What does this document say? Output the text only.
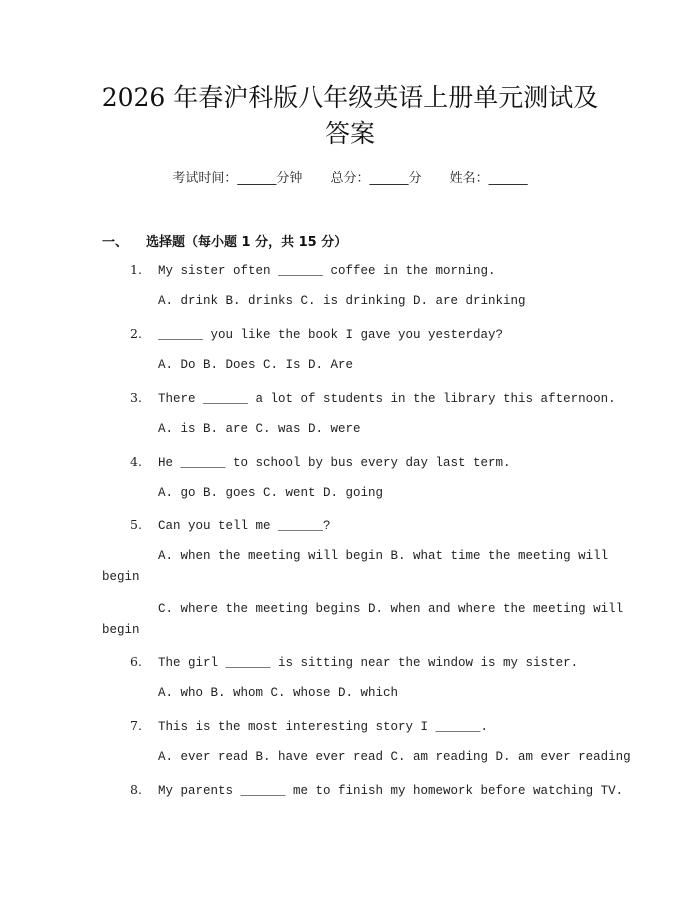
2026 年春沪科版八年级英语上册单元测试及
答案
考试时间：______分钟 总分：______分 姓名：______
一、 选择题（每小题 1 分，共 15 分）
1. My sister often ______ coffee in the morning.
A. drink B. drinks C. is drinking D. are drinking
2. ______ you like the book I gave you yesterday?
A. Do B. Does C. Is D. Are
3. There ______ a lot of students in the library this afternoon.
A. is B. are C. was D. were
4. He ______ to school by bus every day last term.
A. go B. goes C. went D. going
5. Can you tell me ______?
A. when the meeting will begin B. what time the meeting will
begin
C. where the meeting begins D. when and where the meeting will
begin
6. The girl ______ is sitting near the window is my sister.
A. who B. whom C. whose D. which
7. This is the most interesting story I ______.
A. ever read B. have ever read C. am reading D. am ever reading
8. My parents ______ me to finish my homework before watching TV.
